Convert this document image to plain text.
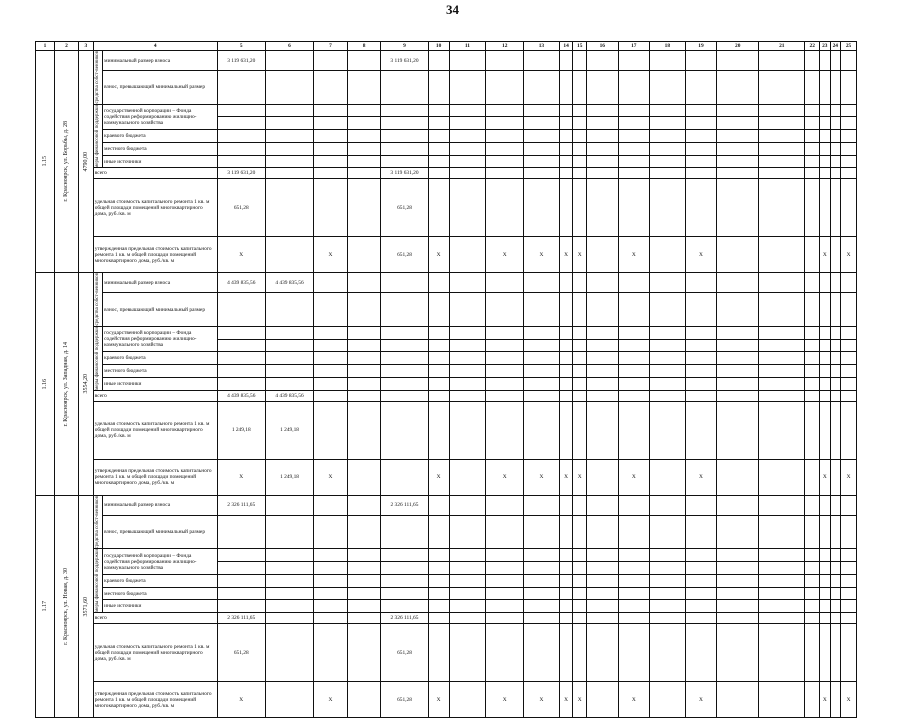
34
1	2	3	4		5	6	7	8	9	10	11	12	13	14	15	16	17	18	19	20	21	22	23	24	25

1.15	г. Красноярск, ул. Борьбы, д. 28	4790,00	средства собст-венников	минимальный размер взноса	3 119 631,20				3 119 631,20																
				взнос, превышающий минимальный размер																					

			меры финансовой поддержки	государственной корпорации – Фонда содействия реформированию жилищно-коммунального хозяйства																					

				краевого бюджета																					
				местного бюджета																					
				иные источники																					
			всего		3 119 631,20				3 119 631,20																
			удельная стоимость капитального ремонта 1 кв. м общей площади помещений многоквартирного дома, руб./кв. м		651,28				651,28																

			утвержденная предельная стоимость капитального ремонта 1 кв. м общей площади помещений многоквартирного дома, руб./кв. м		Х		Х		651,28	Х		Х	Х	Х	Х		Х		Х				Х		Х

1.16	г. Красноярск, ул. Западная, д. 14	3554,20	средства собст-венников	минимальный размер взноса	4 439 835,56	4 439 835,56																			
				взнос, превышающий минимальный размер																					

			меры финансовой поддержки	государственной корпорации – Фонда содействия реформированию жилищно-коммунального хозяйства																					

				краевого бюджета																					
				местного бюджета																					
				иные источники																					
			всего		4 439 835,56	4 439 835,56																			
			удельная стоимость капитального ремонта 1 кв. м общей площади помещений многоквартирного дома, руб./кв. м		1 249,18	1 249,18																			

			утвержденная предельная стоимость капитального ремонта 1 кв. м общей площади помещений многоквартирного дома, руб./кв. м		Х	1 249,18	Х			Х		Х	Х	Х	Х		Х		Х				Х		Х

1.17	г. Красноярск, ул. Новая, д. 30	3571,60	средства собст-венников	минимальный размер взноса	2 326 111,65				2 326 111,65																
				взнос, превышающий минимальный размер																					

			меры финансовой поддержки	государственной корпорации – Фонда содействия реформированию жилищно-коммунального хозяйства																					

				краевого бюджета																					
				местного бюджета																					
				иные источники																					
			всего		2 326 111,65				2 326 111,65																
			удельная стоимость капитального ремонта 1 кв. м общей площади помещений многоквартирного дома, руб./кв. м		651,28				651,28																

			утвержденная предельная стоимость капитального ремонта 1 кв. м общей площади помещений многоквартирного дома, руб./кв. м		Х		Х		651,28	Х		Х	Х	Х	Х		Х		Х				Х		Х
